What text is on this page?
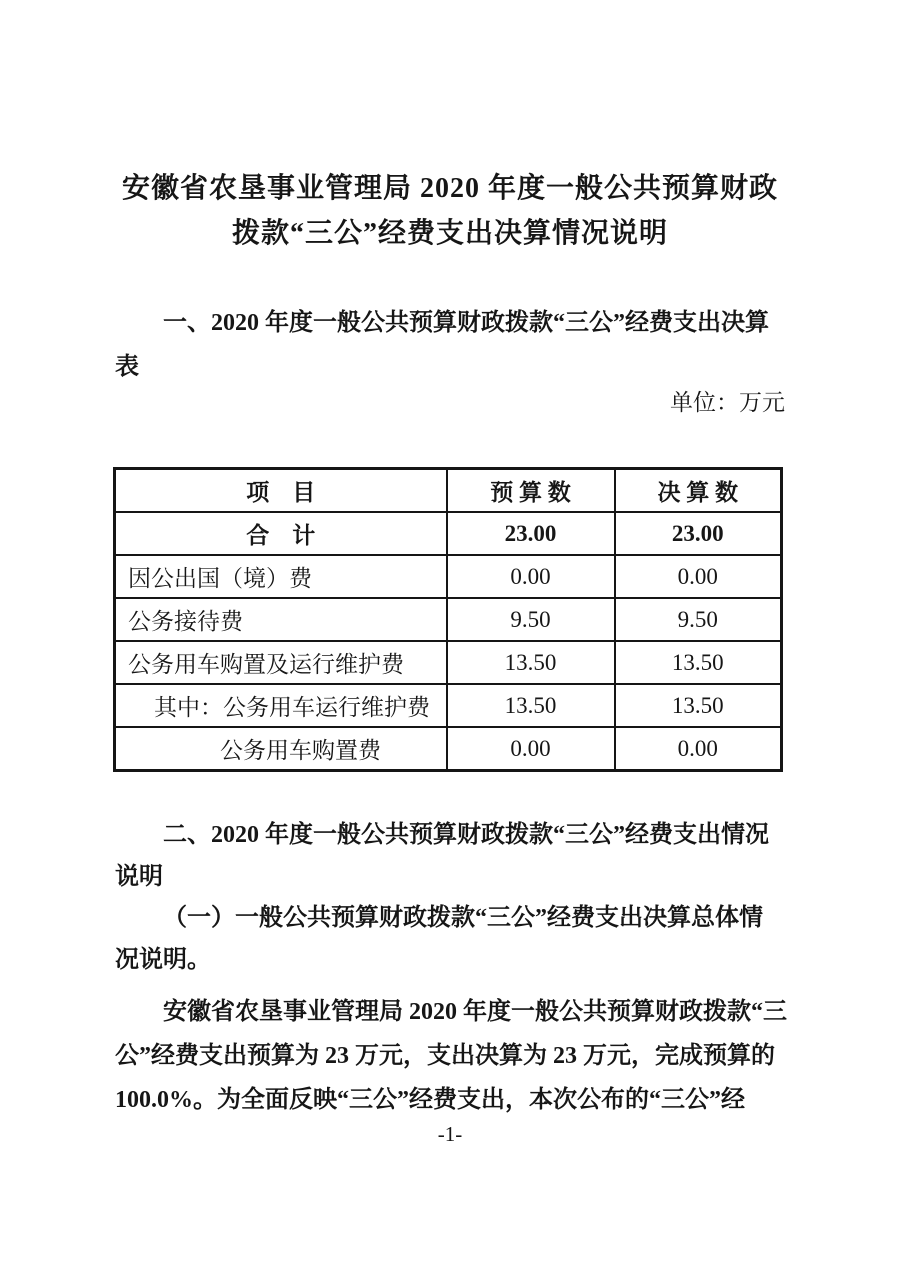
安徽省农垦事业管理局 2020 年度一般公共预算财政
拨款“三公”经费支出决算情况说明
一、2020 年度一般公共预算财政拨款“三公”经费支出决算
表
单位：万元
项　目	预 算 数	决 算 数
合　计	23.00	23.00
因公出国（境）费	0.00	0.00
公务接待费	9.50	9.50
公务用车购置及运行维护费	13.50	13.50
其中：公务用车运行维护费	13.50	13.50
公务用车购置费	0.00	0.00
二、2020 年度一般公共预算财政拨款“三公”经费支出情况
说明
（一）一般公共预算财政拨款“三公”经费支出决算总体情
况说明。
安徽省农垦事业管理局 2020 年度一般公共预算财政拨款“三
公”经费支出预算为 23 万元，支出决算为 23 万元，完成预算的
100.0%。为全面反映“三公”经费支出，本次公布的“三公”经
-1-
